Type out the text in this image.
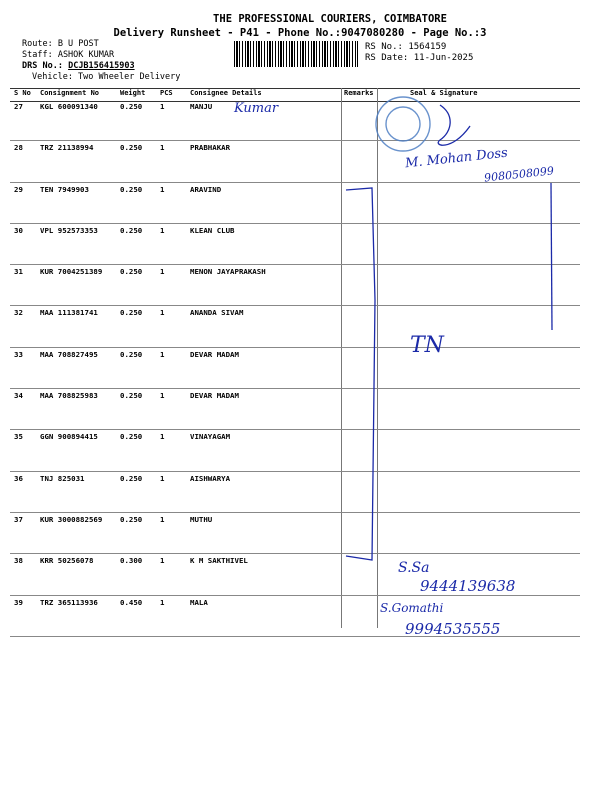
THE PROFESSIONAL COURIERS, COIMBATORE
Delivery Runsheet - P41 - Phone No.:9047080280 - Page No.:3
Route: B U POST
Staff: ASHOK KUMAR
DRS No.: DCJB156415903
Vehicle: Two Wheeler Delivery
RS No.: 1564159
RS Date: 11-Jun-2025
S No Consignment No	Weight PCS Consignee Details	Remarks	Seal & Signature
27 KGL 600091340	0.250 1	MANJU
28 TRZ 21138994	0.250 1	PRABHAKAR
29 TEN 7949903	0.250 1	ARAVIND
30 VPL 952573353	0.250 1	KLEAN CLUB
31 KUR 7004251389 0.250 1	MENON JAYAPRAKASH
32 MAA 111381741	0.250 1	ANANDA SIVAM
33 MAA 708827495	0.250 1	DEVAR MADAM
34 MAA 708825983	0.250 1	DEVAR MADAM
35 GGN 900894415	0.250 1	VINAYAGAM
36 TNJ 825031	0.250 1	AISHWARYA
37 KUR 3000882569 0.250 1	MUTHU
38 KRR 50256078	0.300 1	K M SAKTHIVEL
39 TRZ 365113936	0.450 1	MALA
Kumar
M. Mohan Doss
9080508099
TN
S.Sa
9444139638
S.Gomathi
9994535555
